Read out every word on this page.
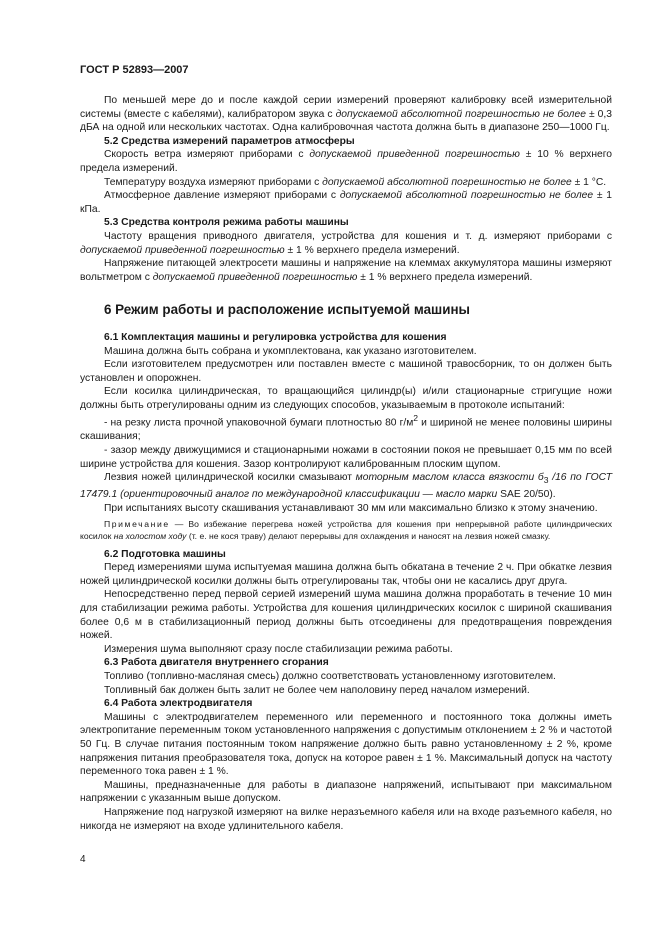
ГОСТ Р 52893—2007

По меньшей мере до и после каждой серии измерений проверяют калибровку всей измерительной системы (вместе с кабелями), калибратором звука с допускаемой абсолютной погрешностью не более ± 0,3 дБА на одной или нескольких частотах. Одна калибровочная частота должна быть в диапазоне 250—1000 Гц.

5.2 Средства измерений параметров атмосферы

Скорость ветра измеряют приборами с допускаемой приведенной погрешностью ± 10 % верхнего предела измерений.

Температуру воздуха измеряют приборами с допускаемой абсолютной погрешностью не более ± 1 °С.

Атмосферное давление измеряют приборами с допускаемой абсолютной погрешностью не более ± 1 кПа.

5.3 Средства контроля режима работы машины

Частоту вращения приводного двигателя, устройства для кошения и т. д. измеряют приборами с допускаемой приведенной погрешностью ± 1 % верхнего предела измерений.

Напряжение питающей электросети машины и напряжение на клеммах аккумулятора машины измеряют вольтметром с допускаемой приведенной погрешностью ± 1 % верхнего предела измерений.

6 Режим работы и расположение испытуемой машины
6.1 Комплектация машины и регулировка устройства для кошения

Машина должна быть собрана и укомплектована, как указано изготовителем.

Если изготовителем предусмотрен или поставлен вместе с машиной травосборник, то он должен быть установлен и опорожнен.

Если косилка цилиндрическая, то вращающийся цилиндр(ы) и/или стационарные стригущие ножи должны быть отрегулированы одним из следующих способов, указываемым в протоколе испытаний:

- на резку листа прочной упаковочной бумаги плотностью 80 $г/м^2$ и шириной не менее половины ширины скашивания;

- зазор между движущимися и стационарными ножами в состоянии покоя не превышает 0,15 мм по всей ширине устройства для кошения. Зазор контролируют калиброванным плоским щупом.

Лезвия ножей цилиндрической косилки смазывают моторным маслом класса вязкости $б_3$ /16 по ГОСТ 17479.1 (ориентировочный аналог по международной классификации — масло марки SAE 20/50).

При испытаниях высоту скашивания устанавливают 30 мм или максимально близко к этому значению.

Примечание — Во избежание перегрева ножей устройства для кошения при непрерывной работе цилиндрических косилок на холостом ходу (т. е. не кося траву) делают перерывы для охлаждения и наносят на лезвия ножей смазку.

6.2 Подготовка машины

Перед измерениями шума испытуемая машина должна быть обкатана в течение 2 ч. При обкатке лезвия ножей цилиндрической косилки должны быть отрегулированы так, чтобы они не касались друг друга.

Непосредственно перед первой серией измерений шума машина должна проработать в течение 10 мин для стабилизации режима работы. Устройства для кошения цилиндрических косилок с шириной скашивания более 0,6 м в стабилизационный период должны быть отсоединены для предотвращения повреждения ножей.

Измерения шума выполняют сразу после стабилизации режима работы.

6.3 Работа двигателя внутреннего сгорания

Топливо (топливно-масляная смесь) должно соответствовать установленному изготовителем.

Топливный бак должен быть залит не более чем наполовину перед началом измерений.

6.4 Работа электродвигателя

Машины с электродвигателем переменного или переменного и постоянного тока должны иметь электропитание переменным током установленного напряжения с допустимым отклонением ± 2 % и частотой 50 Гц. В случае питания постоянным током напряжение должно быть равно установленному ± 2 %, кроме напряжения питания преобразователя тока, допуск на которое равен ± 1 %. Максимальный допуск на частоту переменного тока равен ± 1 %.

Машины, предназначенные для работы в диапазоне напряжений, испытывают при максимальном напряжении с указанным выше допуском.

Напряжение под нагрузкой измеряют на вилке неразъемного кабеля или на входе разъемного кабеля, но никогда не измеряют на входе удлинительного кабеля.

4
